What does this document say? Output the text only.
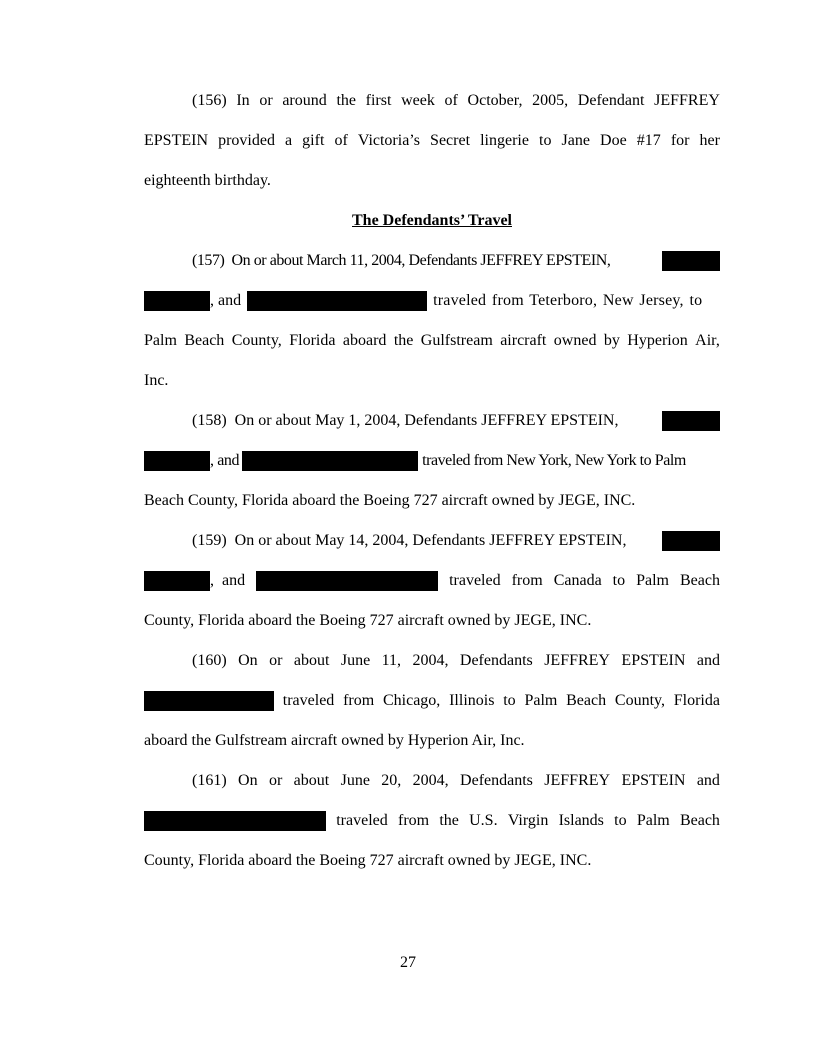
(156) In or around the first week of October, 2005, Defendant JEFFREY
EPSTEIN provided a gift of Victoria’s Secret lingerie to Jane Doe #17 for her
eighteenth birthday.
The Defendants’ Travel
(157)  On or about March 11, 2004, Defendants JEFFREY EPSTEIN,
, and	traveled from Teterboro, New Jersey, to
Palm Beach County, Florida aboard the Gulfstream aircraft owned by Hyperion Air,
Inc.
(158)  On or about May 1, 2004, Defendants JEFFREY EPSTEIN,
, and	traveled from New York, New York to Palm
Beach County, Florida aboard the Boeing 727 aircraft owned by JEGE, INC.
(159)  On or about May 14, 2004, Defendants JEFFREY EPSTEIN,
, and	traveled from Canada to Palm Beach
County, Florida aboard the Boeing 727 aircraft owned by JEGE, INC.
(160) On or about June 11, 2004, Defendants JEFFREY EPSTEIN and
traveled from Chicago, Illinois to Palm Beach County, Florida
aboard the Gulfstream aircraft owned by Hyperion Air, Inc.
(161) On or about June 20, 2004, Defendants JEFFREY EPSTEIN and
traveled from the U.S. Virgin Islands to Palm Beach
County, Florida aboard the Boeing 727 aircraft owned by JEGE, INC.
27
